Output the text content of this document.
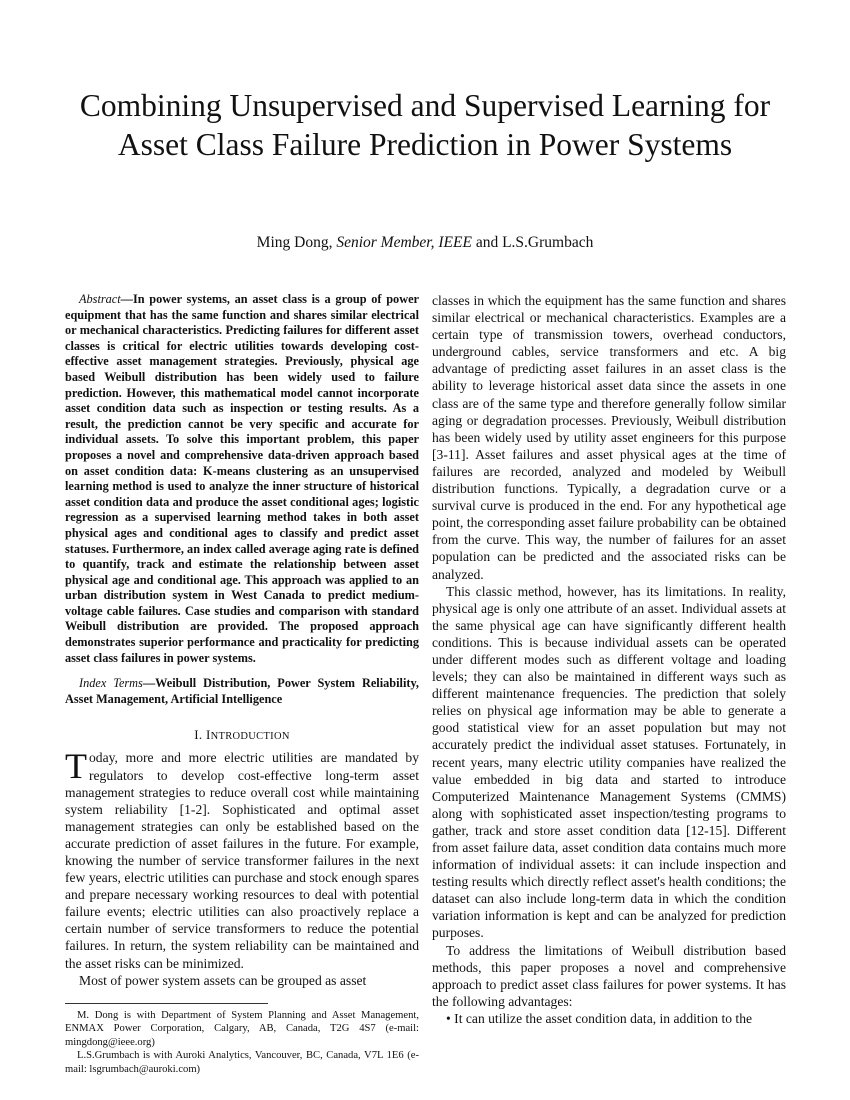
Combining Unsupervised and Supervised Learning for Asset Class Failure Prediction in Power Systems
Ming Dong, Senior Member, IEEE and L.S.Grumbach

Abstract—In power systems, an asset class is a group of power equipment that has the same function and shares similar electrical or mechanical characteristics. Predicting failures for different asset classes is critical for electric utilities towards developing cost-effective asset management strategies. Previously, physical age based Weibull distribution has been widely used to failure prediction. However, this mathematical model cannot incorporate asset condition data such as inspection or testing results. As a result, the prediction cannot be very specific and accurate for individual assets. To solve this important problem, this paper proposes a novel and comprehensive data-driven approach based on asset condition data: K-means clustering as an unsupervised learning method is used to analyze the inner structure of historical asset condition data and produce the asset conditional ages; logistic regression as a supervised learning method takes in both asset physical ages and conditional ages to classify and predict asset statuses. Furthermore, an index called average aging rate is defined to quantify, track and estimate the relationship between asset physical age and conditional age. This approach was applied to an urban distribution system in West Canada to predict medium-voltage cable failures. Case studies and comparison with standard Weibull distribution are provided. The proposed approach demonstrates superior performance and practicality for predicting asset class failures in power systems.

Index Terms—Weibull Distribution, Power System Reliability, Asset Management, Artificial Intelligence

I. INTRODUCTION

Today, more and more electric utilities are mandated by regulators to develop cost-effective long-term asset management strategies to reduce overall cost while maintaining system reliability [1-2]. Sophisticated and optimal asset management strategies can only be established based on the accurate prediction of asset failures in the future. For example, knowing the number of service transformer failures in the next few years, electric utilities can purchase and stock enough spares and prepare necessary working resources to deal with potential failure events; electric utilities can also proactively replace a certain number of service transformers to reduce the potential failures. In return, the system reliability can be maintained and the asset risks can be minimized.

Most of power system assets can be grouped as asset

M. Dong is with Department of System Planning and Asset Management, ENMAX Power Corporation, Calgary, AB, Canada, T2G 4S7 (e-mail: mingdong@ieee.org)

L.S.Grumbach is with Auroki Analytics, Vancouver, BC, Canada, V7L 1E6 (e-mail: lsgrumbach@auroki.com)

classes in which the equipment has the same function and shares similar electrical or mechanical characteristics. Examples are a certain type of transmission towers, overhead conductors, underground cables, service transformers and etc. A big advantage of predicting asset failures in an asset class is the ability to leverage historical asset data since the assets in one class are of the same type and therefore generally follow similar aging or degradation processes. Previously, Weibull distribution has been widely used by utility asset engineers for this purpose [3-11]. Asset failures and asset physical ages at the time of failures are recorded, analyzed and modeled by Weibull distribution functions. Typically, a degradation curve or a survival curve is produced in the end. For any hypothetical age point, the corresponding asset failure probability can be obtained from the curve. This way, the number of failures for an asset population can be predicted and the associated risks can be analyzed.

This classic method, however, has its limitations. In reality, physical age is only one attribute of an asset. Individual assets at the same physical age can have significantly different health conditions. This is because individual assets can be operated under different modes such as different voltage and loading levels; they can also be maintained in different ways such as different maintenance frequencies. The prediction that solely relies on physical age information may be able to generate a good statistical view for an asset population but may not accurately predict the individual asset statuses. Fortunately, in recent years, many electric utility companies have realized the value embedded in big data and started to introduce Computerized Maintenance Management Systems (CMMS) along with sophisticated asset inspection/testing programs to gather, track and store asset condition data [12-15]. Different from asset failure data, asset condition data contains much more information of individual assets: it can include inspection and testing results which directly reflect asset's health conditions; the dataset can also include long-term data in which the condition variation information is kept and can be analyzed for prediction purposes.

To address the limitations of Weibull distribution based methods, this paper proposes a novel and comprehensive approach to predict asset class failures for power systems. It has the following advantages:

• It can utilize the asset condition data, in addition to the
